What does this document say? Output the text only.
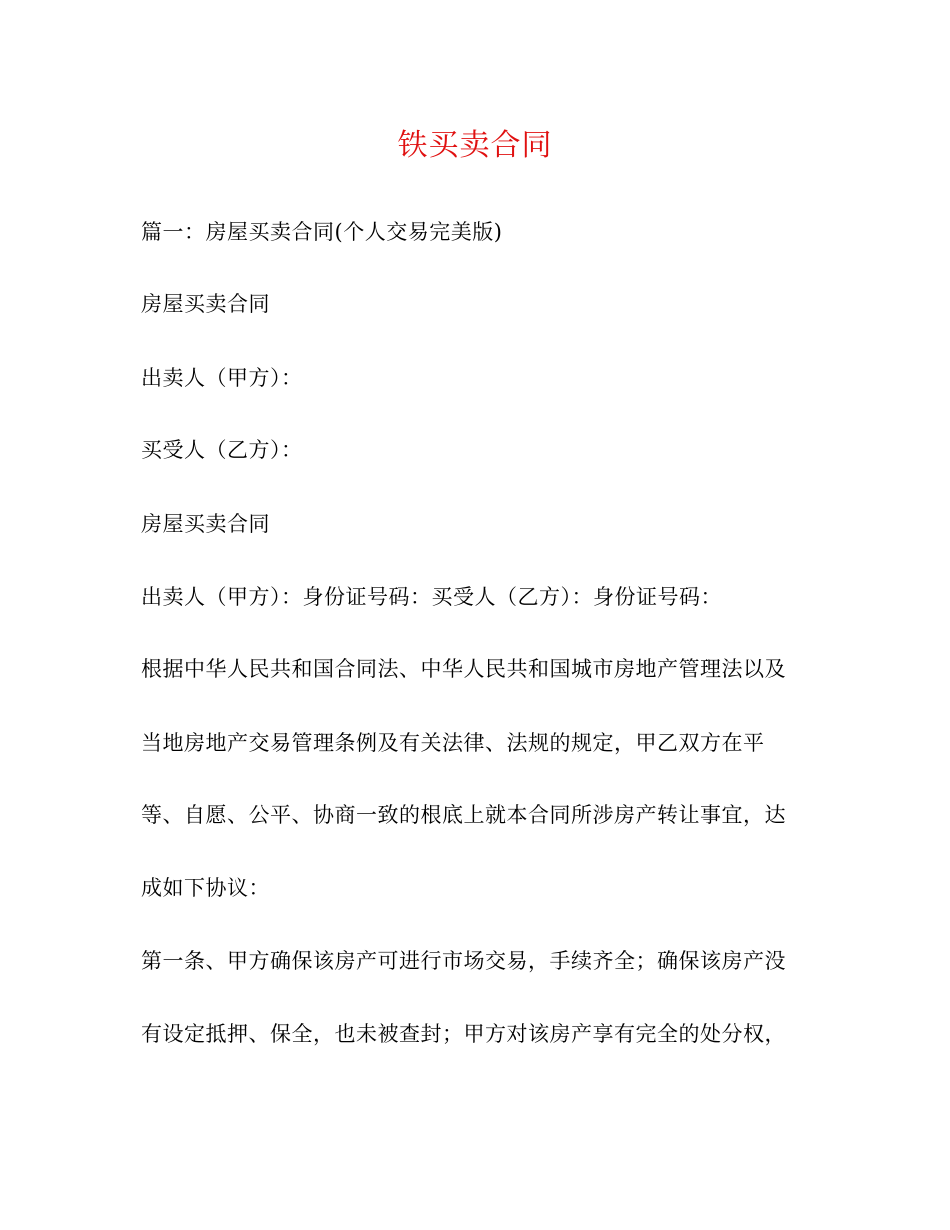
铁买卖合同

篇一：房屋买卖合同(个人交易完美版)

房屋买卖合同

出卖人（甲方）：

买受人（乙方）：

房屋买卖合同

出卖人（甲方）：身份证号码：买受人（乙方）：身份证号码：

根据中华人民共和国合同法、中华人民共和国城市房地产管理法以及

当地房地产交易管理条例及有关法律、法规的规定，甲乙双方在平

等、自愿、公平、协商一致的根底上就本合同所涉房产转让事宜，达

成如下协议：

第一条、甲方确保该房产可进行市场交易，手续齐全；确保该房产没

有设定抵押、保全，也未被查封；甲方对该房产享有完全的处分权，
